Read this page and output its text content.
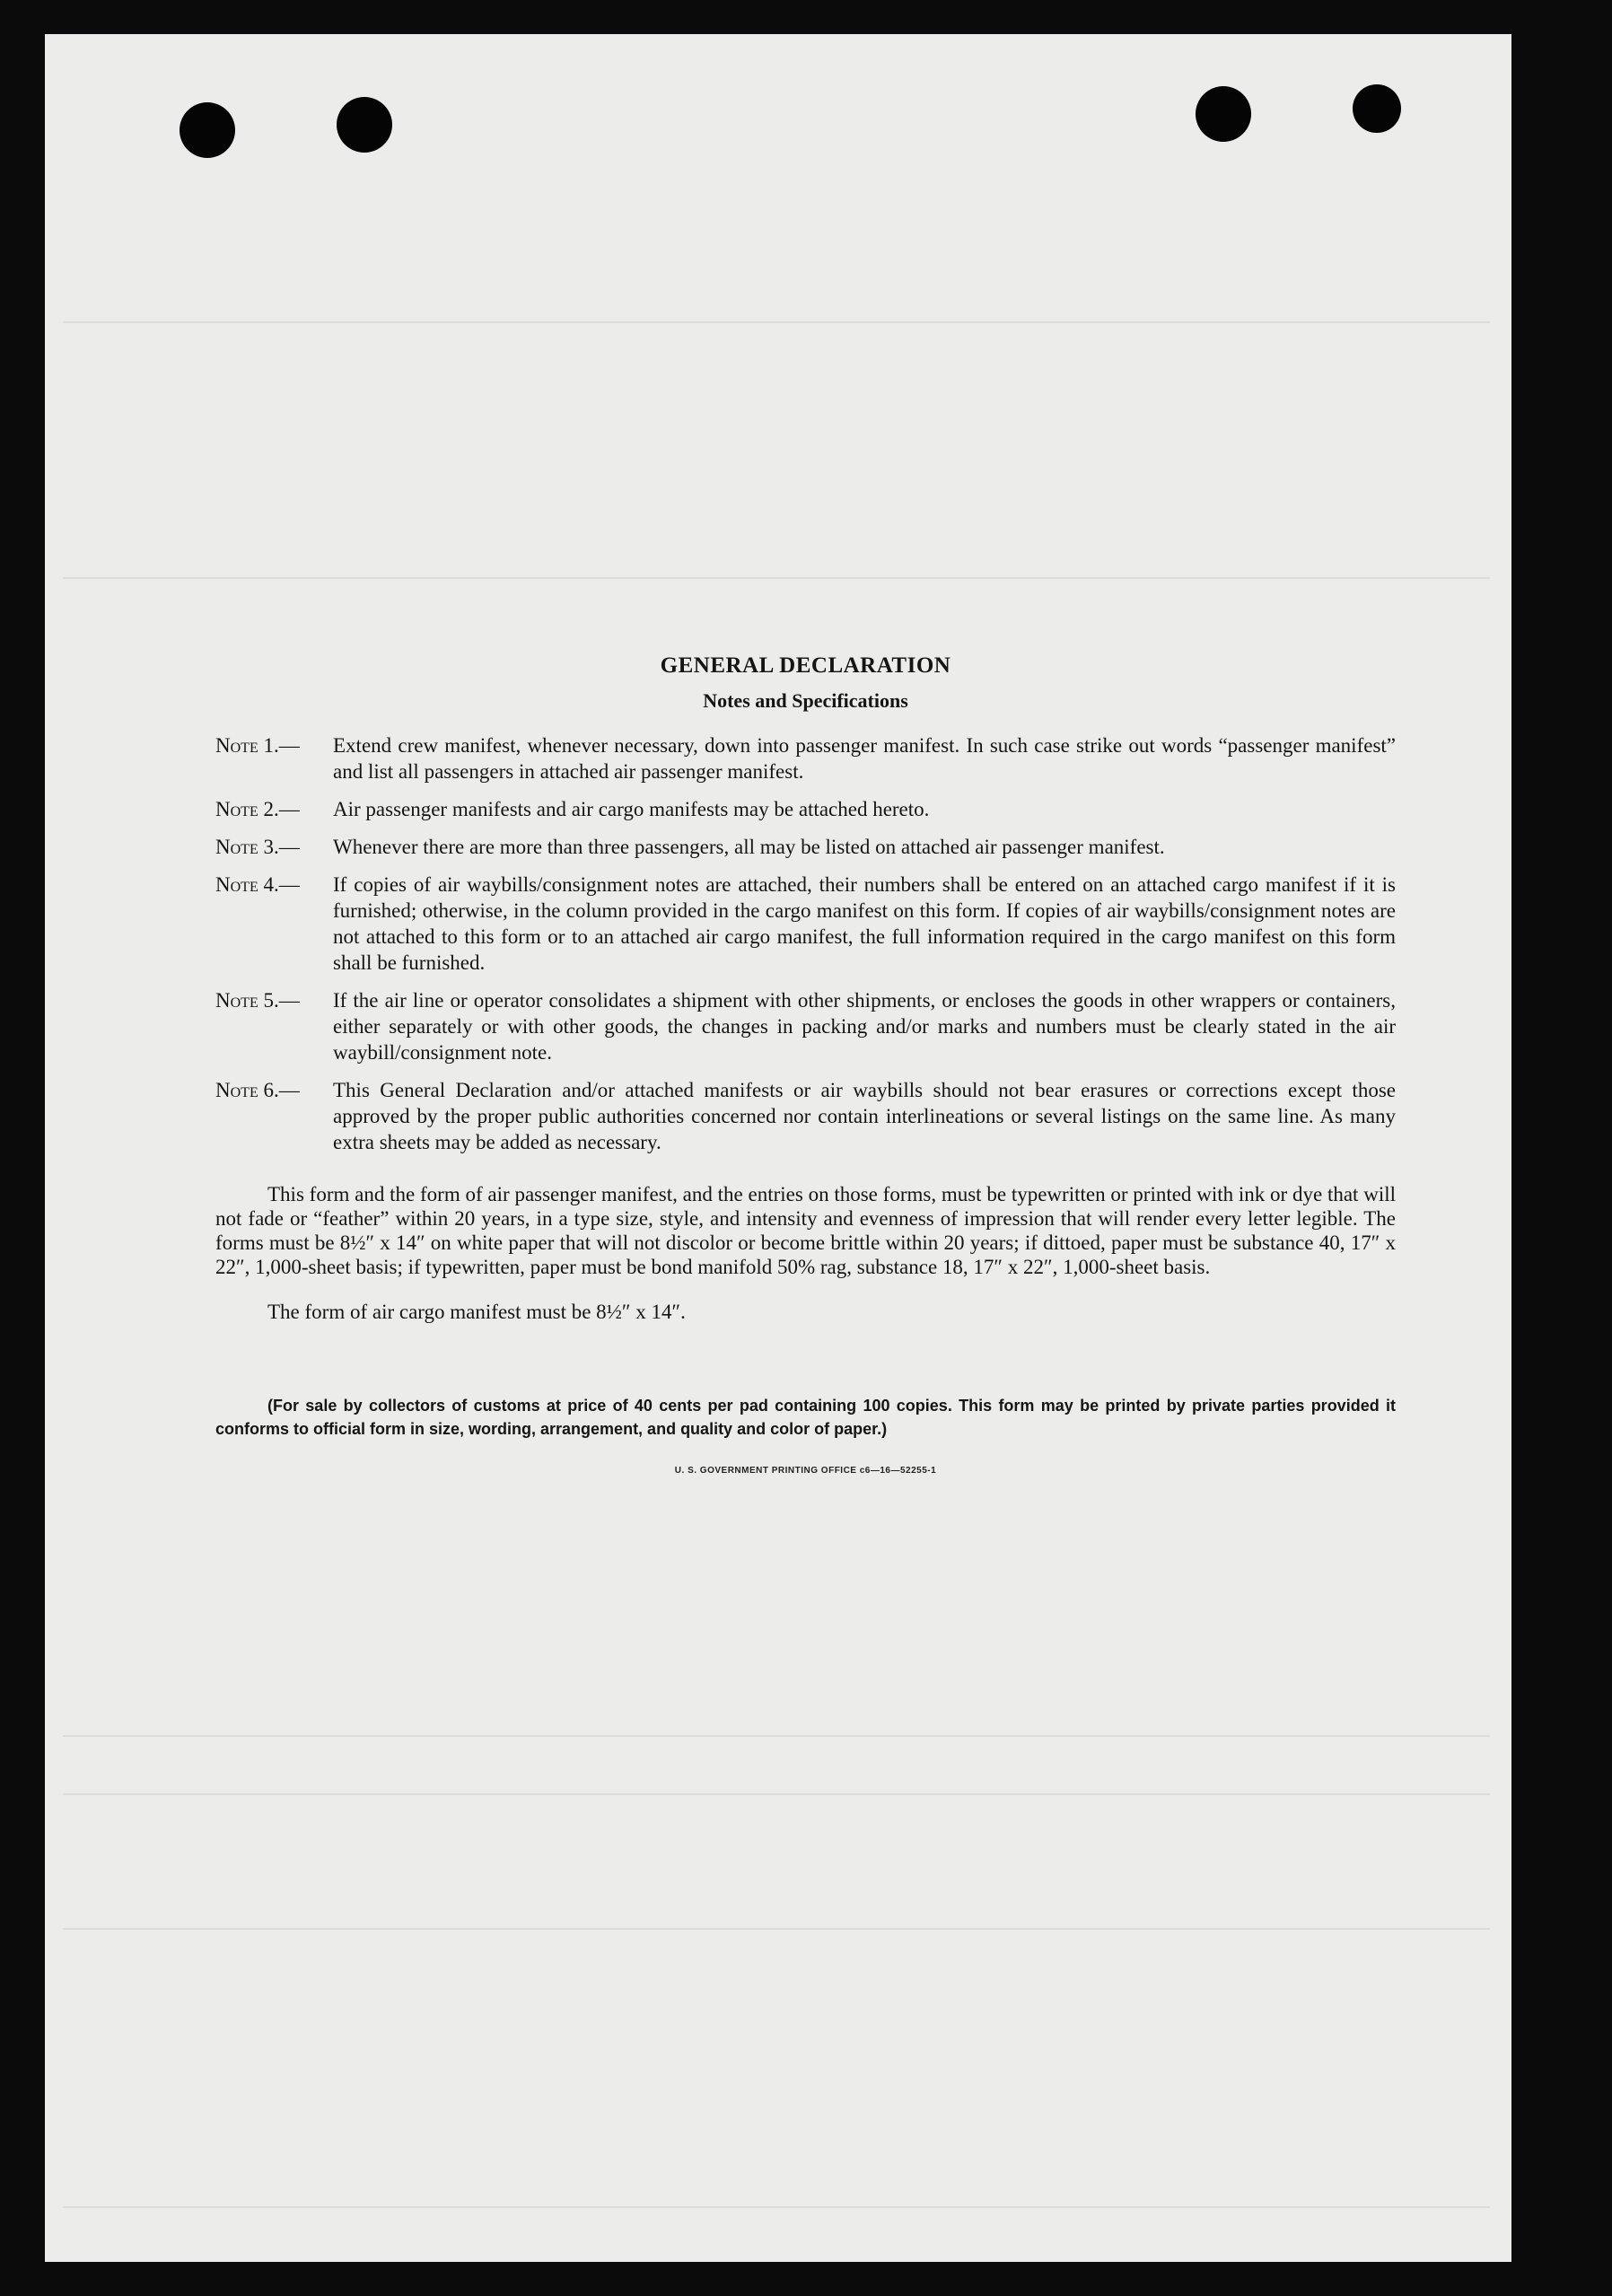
GENERAL DECLARATION
Notes and Specifications
Note 1.—	Extend crew manifest, whenever necessary, down into passenger manifest. In such case strike out words “passenger manifest” and list all passengers in attached air passenger manifest.
Note 2.—	Air passenger manifests and air cargo manifests may be attached hereto.
Note 3.—	Whenever there are more than three passengers, all may be listed on attached air passenger manifest.
Note 4.—	If copies of air waybills/consignment notes are attached, their numbers shall be entered on an attached cargo manifest if it is furnished; otherwise, in the column provided in the cargo manifest on this form. If copies of air waybills/consignment notes are not attached to this form or to an attached air cargo manifest, the full information required in the cargo manifest on this form shall be furnished.
Note 5.—	If the air line or operator consolidates a shipment with other shipments, or encloses the goods in other wrappers or containers, either separately or with other goods, the changes in packing and/or marks and numbers must be clearly stated in the air waybill/consignment note.
Note 6.—	This General Declaration and/or attached manifests or air waybills should not bear erasures or corrections except those approved by the proper public authorities concerned nor contain interlineations or several listings on the same line. As many extra sheets may be added as necessary.

This form and the form of air passenger manifest, and the entries on those forms, must be typewritten or printed with ink or dye that will not fade or “feather” within 20 years, in a type size, style, and intensity and evenness of impression that will render every letter legible. The forms must be 8½″ x 14″ on white paper that will not discolor or become brittle within 20 years; if dittoed, paper must be substance 40, 17″ x 22″, 1,000-sheet basis; if typewritten, paper must be bond manifold 50% rag, substance 18, 17″ x 22″, 1,000-sheet basis.

The form of air cargo manifest must be 8½″ x 14″.

(For sale by collectors of customs at price of 40 cents per pad containing 100 copies. This form may be printed by private parties provided it conforms to official form in size, wording, arrangement, and quality and color of paper.)
U. S. GOVERNMENT PRINTING OFFICE c6—16—52255-1
